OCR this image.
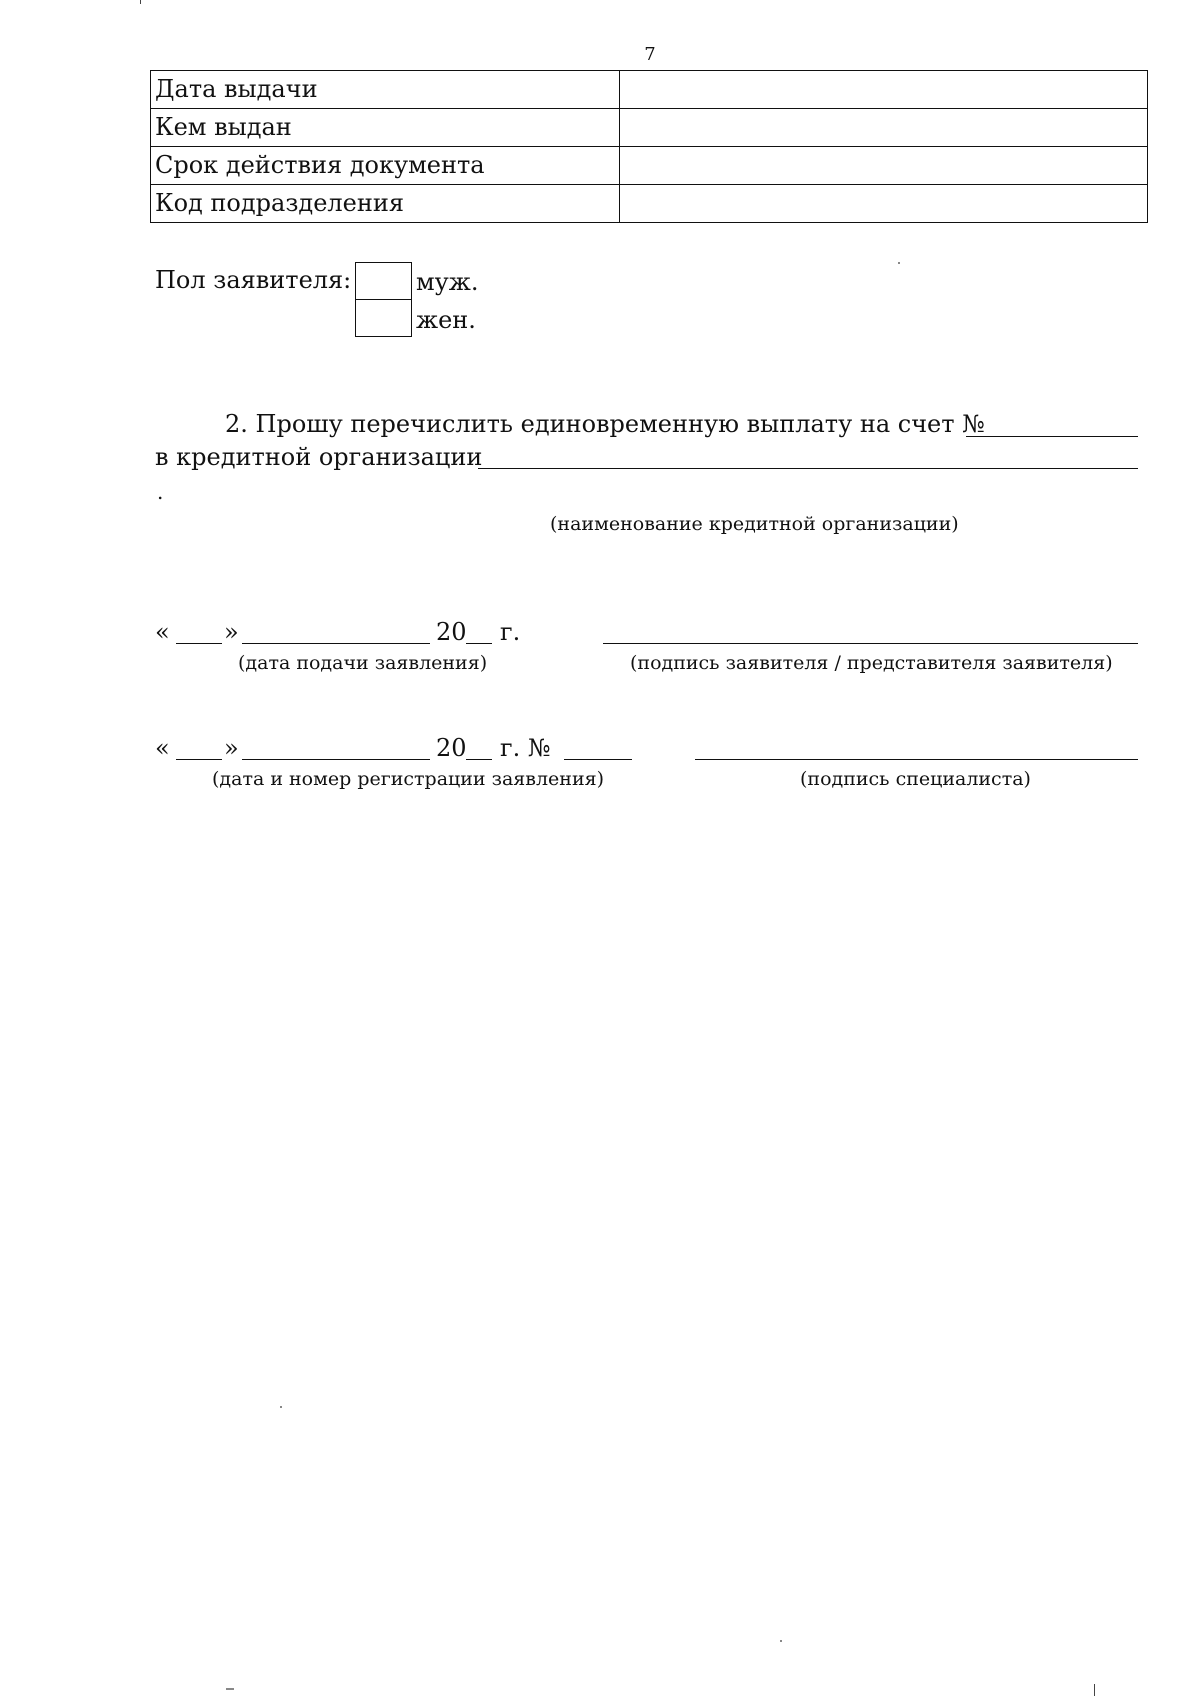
7
Дата выдачи	
Кем выдан	
Срок действия документа	
Код подразделения	
Пол заявителя:	муж.
жен.
2. Прошу перечислить единовременную выплату на счет №
в кредитной организации
.
(наименование кредитной организации)
« »	20 г.
(дата подачи заявления)	(подпись заявителя / представителя заявителя)
« »	20 г. №
(дата и номер регистрации заявления)	(подпись специалиста)
